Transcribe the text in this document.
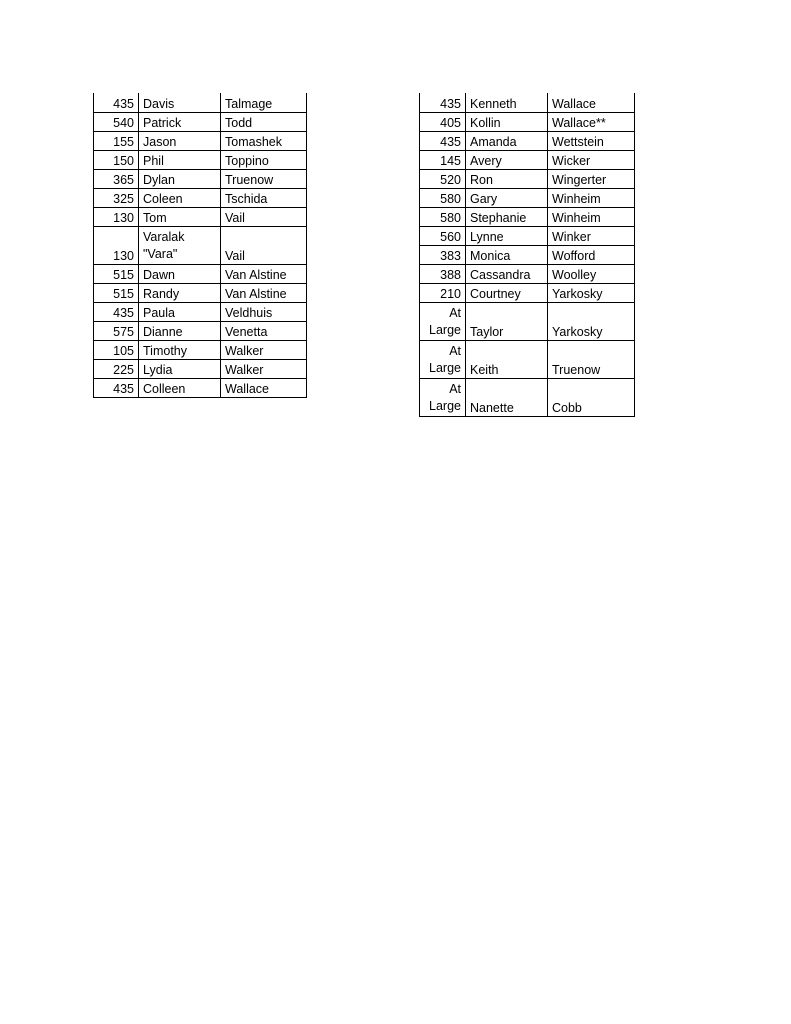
435	Davis	Talmage
540	Patrick	Todd
155	Jason	Tomashek
150	Phil	Toppino
365	Dylan	Truenow
325	Coleen	Tschida
130	Tom	Vail
130	Varalak "Vara"	Vail
515	Dawn	Van Alstine
515	Randy	Van Alstine
435	Paula	Veldhuis
575	Dianne	Venetta
105	Timothy	Walker
225	Lydia	Walker
435	Colleen	Wallace
435	Kenneth	Wallace
405	Kollin	Wallace**
435	Amanda	Wettstein
145	Avery	Wicker
520	Ron	Wingerter
580	Gary	Winheim
580	Stephanie	Winheim
560	Lynne	Winker
383	Monica	Wofford
388	Cassandra	Woolley
210	Courtney	Yarkosky
At Large	Taylor	Yarkosky
At Large	Keith	Truenow
At Large	Nanette	Cobb
